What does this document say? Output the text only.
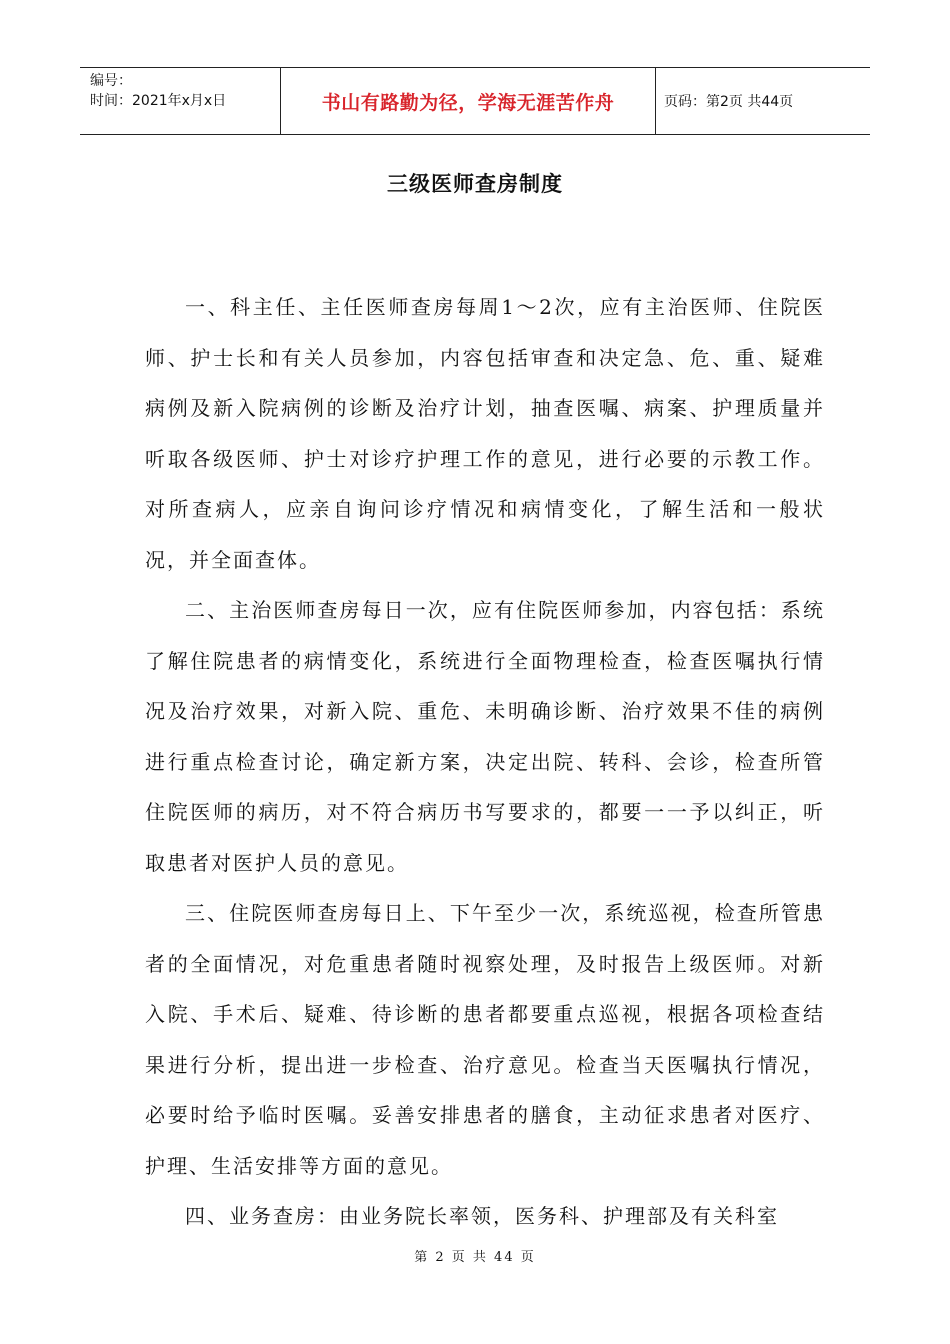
编号：
时间：2021年x月x日	书山有路勤为径，学海无涯苦作舟	页码：第2页 共44页
三级医师查房制度

一、科主任、主任医师查房每周1～2次，应有主治医师、住院医师、护士长和有关人员参加，内容包括审查和决定急、危、重、疑难病例及新入院病例的诊断及治疗计划，抽查医嘱、病案、护理质量并听取各级医师、护士对诊疗护理工作的意见，进行必要的示教工作。对所查病人，应亲自询问诊疗情况和病情变化，了解生活和一般状况，并全面查体。

二、主治医师查房每日一次，应有住院医师参加，内容包括：系统了解住院患者的病情变化，系统进行全面物理检查，检查医嘱执行情况及治疗效果，对新入院、重危、未明确诊断、治疗效果不佳的病例进行重点检查讨论，确定新方案，决定出院、转科、会诊，检查所管住院医师的病历，对不符合病历书写要求的，都要一一予以纠正，听取患者对医护人员的意见。

三、住院医师查房每日上、下午至少一次，系统巡视，检查所管患者的全面情况，对危重患者随时视察处理，及时报告上级医师。对新入院、手术后、疑难、待诊断的患者都要重点巡视，根据各项检查结果进行分析，提出进一步检查、治疗意见。检查当天医嘱执行情况，必要时给予临时医嘱。妥善安排患者的膳食，主动征求患者对医疗、护理、生活安排等方面的意见。

四、业务查房：由业务院长率领，医务科、护理部及有关科室

第 2 页 共 44 页
